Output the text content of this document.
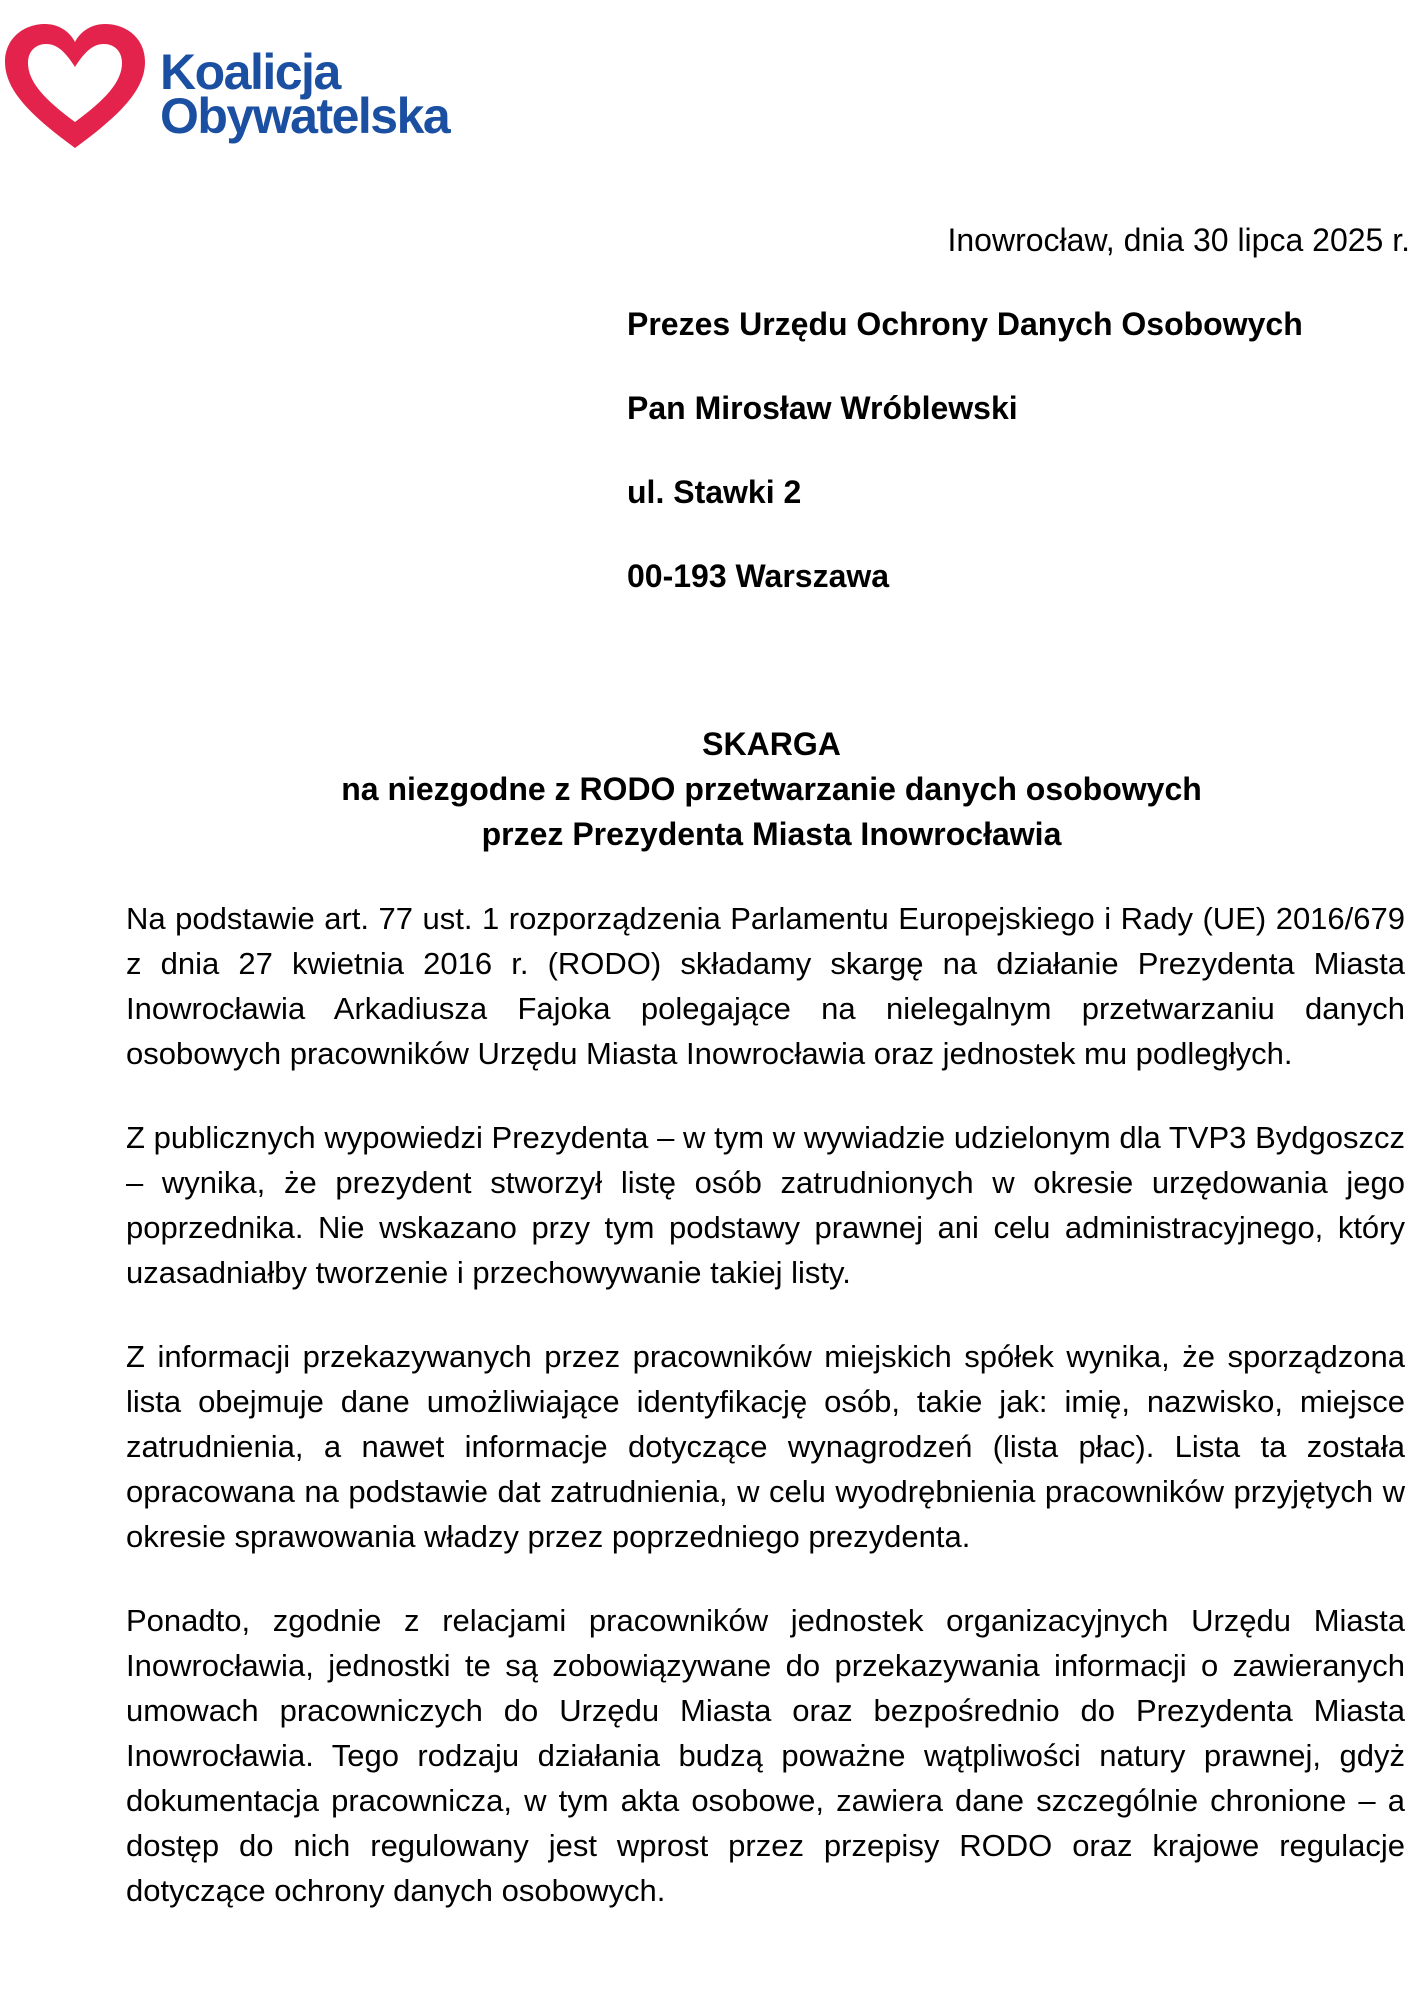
Koalicja
Obywatelska
Inowrocław, dnia 30 lipca 2025 r.
Prezes Urzędu Ochrony Danych Osobowych
Pan Mirosław Wróblewski
ul. Stawki 2
00-193 Warszawa
SKARGA
na niezgodne z RODO przetwarzanie danych osobowych
przez Prezydenta Miasta Inowrocławia

Na podstawie art. 77 ust. 1 rozporządzenia Parlamentu Europejskiego i Rady (UE) 2016/679 z dnia 27 kwietnia 2016 r. (RODO) składamy skargę na działanie Prezydenta Miasta Inowrocławia Arkadiusza Fajoka polegające na nielegalnym przetwarzaniu danych osobowych pracowników Urzędu Miasta Inowrocławia oraz jednostek mu podległych.

Z publicznych wypowiedzi Prezydenta – w tym w wywiadzie udzielonym dla TVP3 Bydgoszcz – wynika, że prezydent stworzył listę osób zatrudnionych w okresie urzędowania jego poprzednika. Nie wskazano przy tym podstawy prawnej ani celu administracyjnego, który uzasadniałby tworzenie i przechowywanie takiej listy.

Z informacji przekazywanych przez pracowników miejskich spółek wynika, że sporządzona lista obejmuje dane umożliwiające identyfikację osób, takie jak: imię, nazwisko, miejsce zatrudnienia, a nawet informacje dotyczące wynagrodzeń (lista płac). Lista ta została opracowana na podstawie dat zatrudnienia, w celu wyodrębnienia pracowników przyjętych w okresie sprawowania władzy przez poprzedniego prezydenta.

Ponadto, zgodnie z relacjami pracowników jednostek organizacyjnych Urzędu Miasta Inowrocławia, jednostki te są zobowiązywane do przekazywania informacji o zawieranych umowach pracowniczych do Urzędu Miasta oraz bezpośrednio do Prezydenta Miasta Inowrocławia. Tego rodzaju działania budzą poważne wątpliwości natury prawnej, gdyż dokumentacja pracownicza, w tym akta osobowe, zawiera dane szczególnie chronione – a dostęp do nich regulowany jest wprost przez przepisy RODO oraz krajowe regulacje dotyczące ochrony danych osobowych.
